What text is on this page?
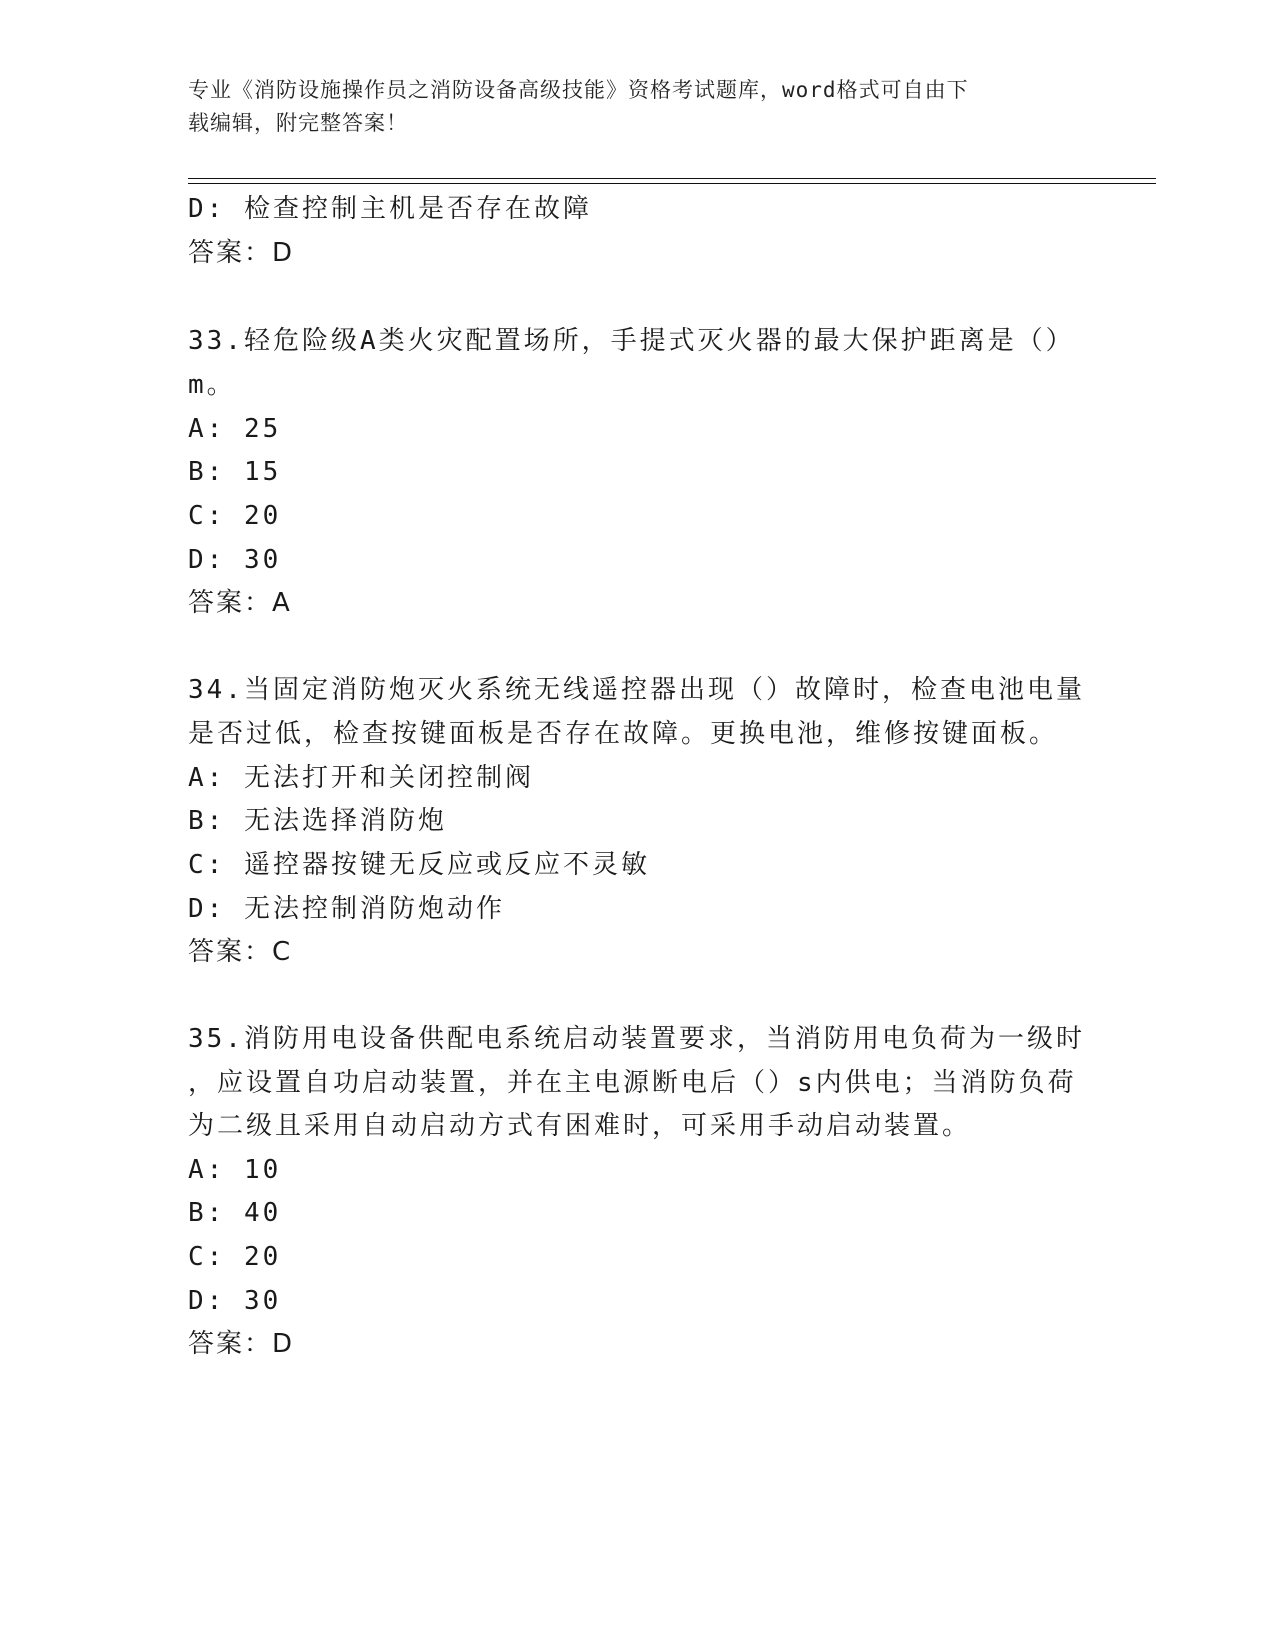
专业《消防设施操作员之消防设备高级技能》资格考试题库，word格式可自由下
载编辑，附完整答案！
D: 检查控制主机是否存在故障
答案：D
33.轻危险级A类火灾配置场所，手提式灭火器的最大保护距离是（）
m。
A: 25
B: 15
C: 20
D: 30
答案：A
34.当固定消防炮灭火系统无线遥控器出现（）故障时，检查电池电量
是否过低，检查按键面板是否存在故障。更换电池，维修按键面板。
A: 无法打开和关闭控制阀
B: 无法选择消防炮
C: 遥控器按键无反应或反应不灵敏
D: 无法控制消防炮动作
答案：C
35.消防用电设备供配电系统启动装置要求，当消防用电负荷为一级时
，应设置自功启动装置，并在主电源断电后（）s内供电；当消防负荷
为二级且采用自动启动方式有困难时，可采用手动启动装置。
A: 10
B: 40
C: 20
D: 30
答案：D
